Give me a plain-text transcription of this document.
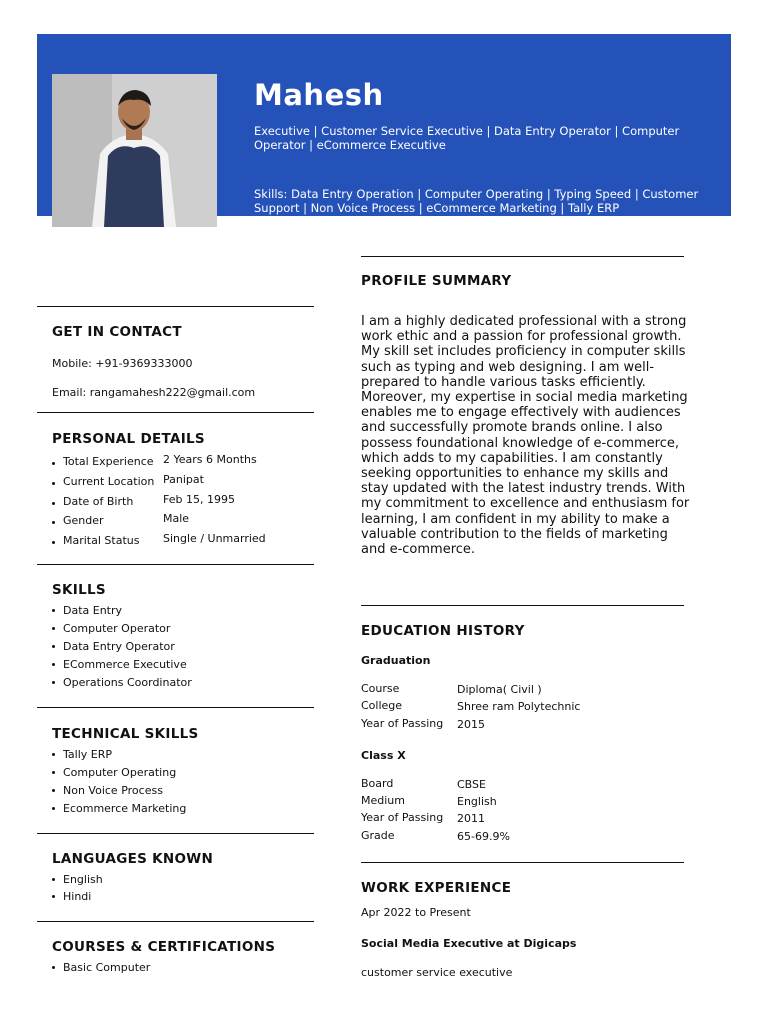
Mahesh
Executive | Customer Service Executive | Data Entry Operator | Computer Operator | eCommerce Executive
Skills: Data Entry Operation | Computer Operating | Typing Speed | Customer Support | Non Voice Process | eCommerce Marketing | Tally ERP
GET IN CONTACT
Mobile: +91-9369333000
Email: rangamahesh222@gmail.com
PERSONAL DETAILS
Total Experience 2 Years 6 Months
Current Location Panipat
Date of Birth	Feb 15, 1995
Gender	Male
Marital Status Single / Unmarried
SKILLS
Data Entry
Computer Operator
Data Entry Operator
ECommerce Executive
Operations Coordinator
TECHNICAL SKILLS
Tally ERP
Computer Operating
Non Voice Process
Ecommerce Marketing
LANGUAGES KNOWN
English
Hindi
COURSES & CERTIFICATIONS
Basic Computer
PROFILE SUMMARY
I am a highly dedicated professional with a strong work ethic and a passion for professional growth. My skill set includes proficiency in computer skills such as typing and web designing. I am well-prepared to handle various tasks efficiently. Moreover, my expertise in social media marketing enables me to engage effectively with audiences and successfully promote brands online. I also possess foundational knowledge of e-commerce, which adds to my capabilities. I am constantly seeking opportunities to enhance my skills and stay updated with the latest industry trends. With my commitment to excellence and enthusiasm for learning, I am confident in my ability to make a valuable contribution to the fields of marketing and e-commerce.
EDUCATION HISTORY
Graduation
Course	Diploma( Civil )
College	Shree ram Polytechnic
Year of Passing 2015
Class X
Board	CBSE
Medium	English
Year of Passing 2011
Grade	65-69.9%
WORK EXPERIENCE
Apr 2022 to Present
Social Media Executive at Digicaps
customer service executive
